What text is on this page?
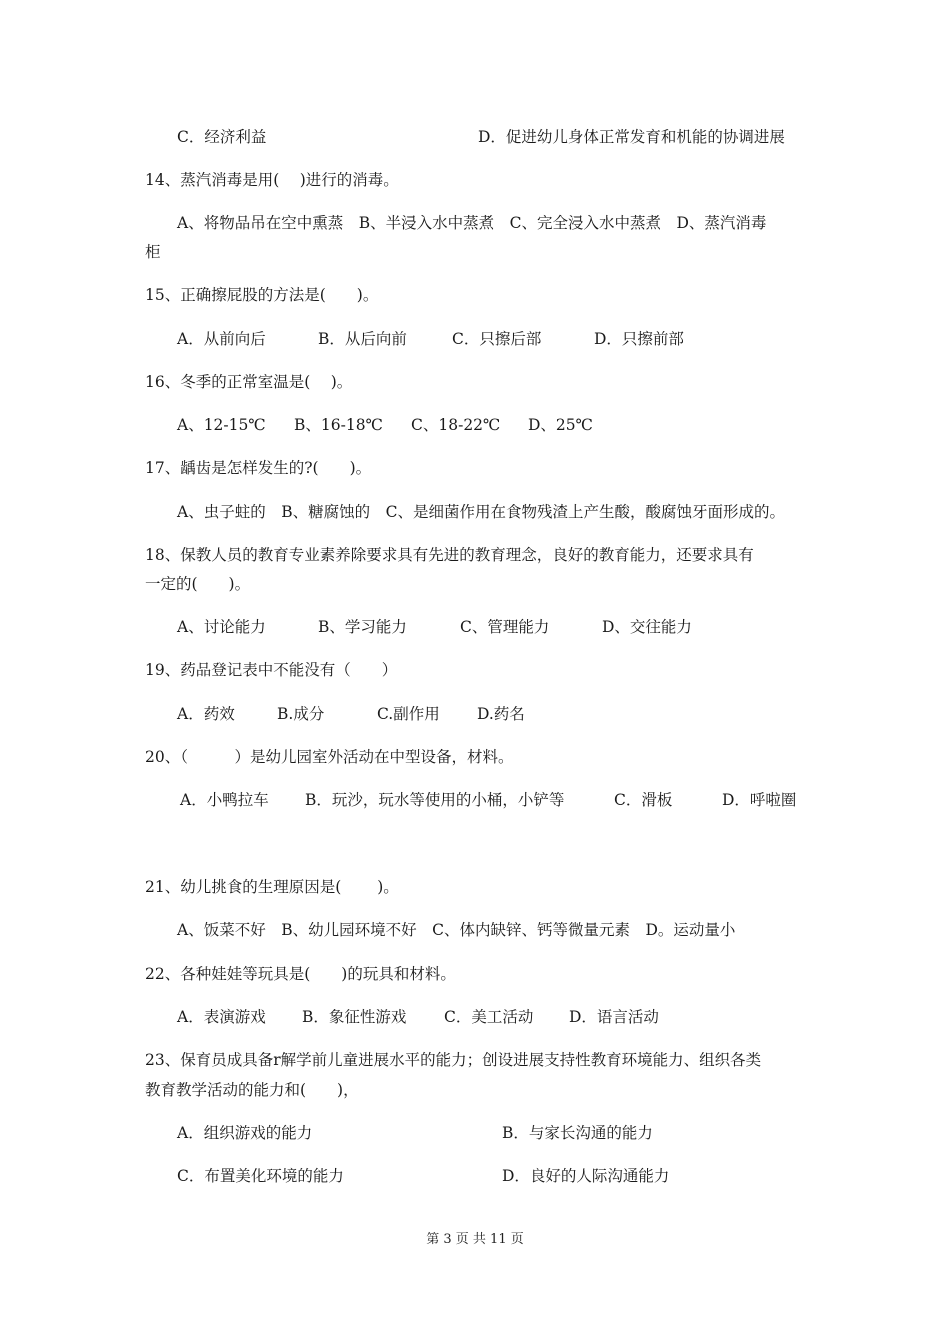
C．经济利益	D．促进幼儿身体正常发育和机能的协调进展
14、蒸汽消毒是用(　 )进行的消毒。
A、将物品吊在空中熏蒸　B、半浸入水中蒸煮　C、完全浸入水中蒸煮　D、蒸汽消毒
柜
15、正确擦屁股的方法是(　　)。
A．从前向后	B．从后向前	C．只擦后部	D．只擦前部
16、冬季的正常室温是(　 )。
A、12-15℃ B、16-18℃ C、18-22℃ D、25℃
17、龋齿是怎样发生的?(　　)。
A、虫子蛀的　B、糖腐蚀的　C、是细菌作用在食物残渣上产生酸，酸腐蚀牙面形成的。
18、保教人员的教育专业素养除要求具有先进的教育理念，良好的教育能力，还要求具有
一定的(　　)。
A、讨论能力	B、学习能力	C、管理能力	D、交往能力
19、药品登记表中不能没有（　　）
A．药效	B.成分	C.副作用 D.药名
20、（　　　）是幼儿园室外活动在中型设备，材料。
A．小鸭拉车 B．玩沙，玩水等使用的小桶，小铲等	C．滑板	D．呼啦圈
21、幼儿挑食的生理原因是(　　 )。
A、饭菜不好　B、幼儿园环境不好　C、体内缺锌、钙等微量元素　D。运动量小
22、各种娃娃等玩具是(　　)的玩具和材料。
A．表演游戏 B．象征性游戏 C．美工活动 D．语言活动
23、保育员成具备r解学前儿童进展水平的能力；创设进展支持性教育环境能力、组织各类
教育教学活动的能力和(　　)，
A．组织游戏的能力	B．与家长沟通的能力
C．布置美化环境的能力	D．良好的人际沟通能力
第 3 页 共 11 页
